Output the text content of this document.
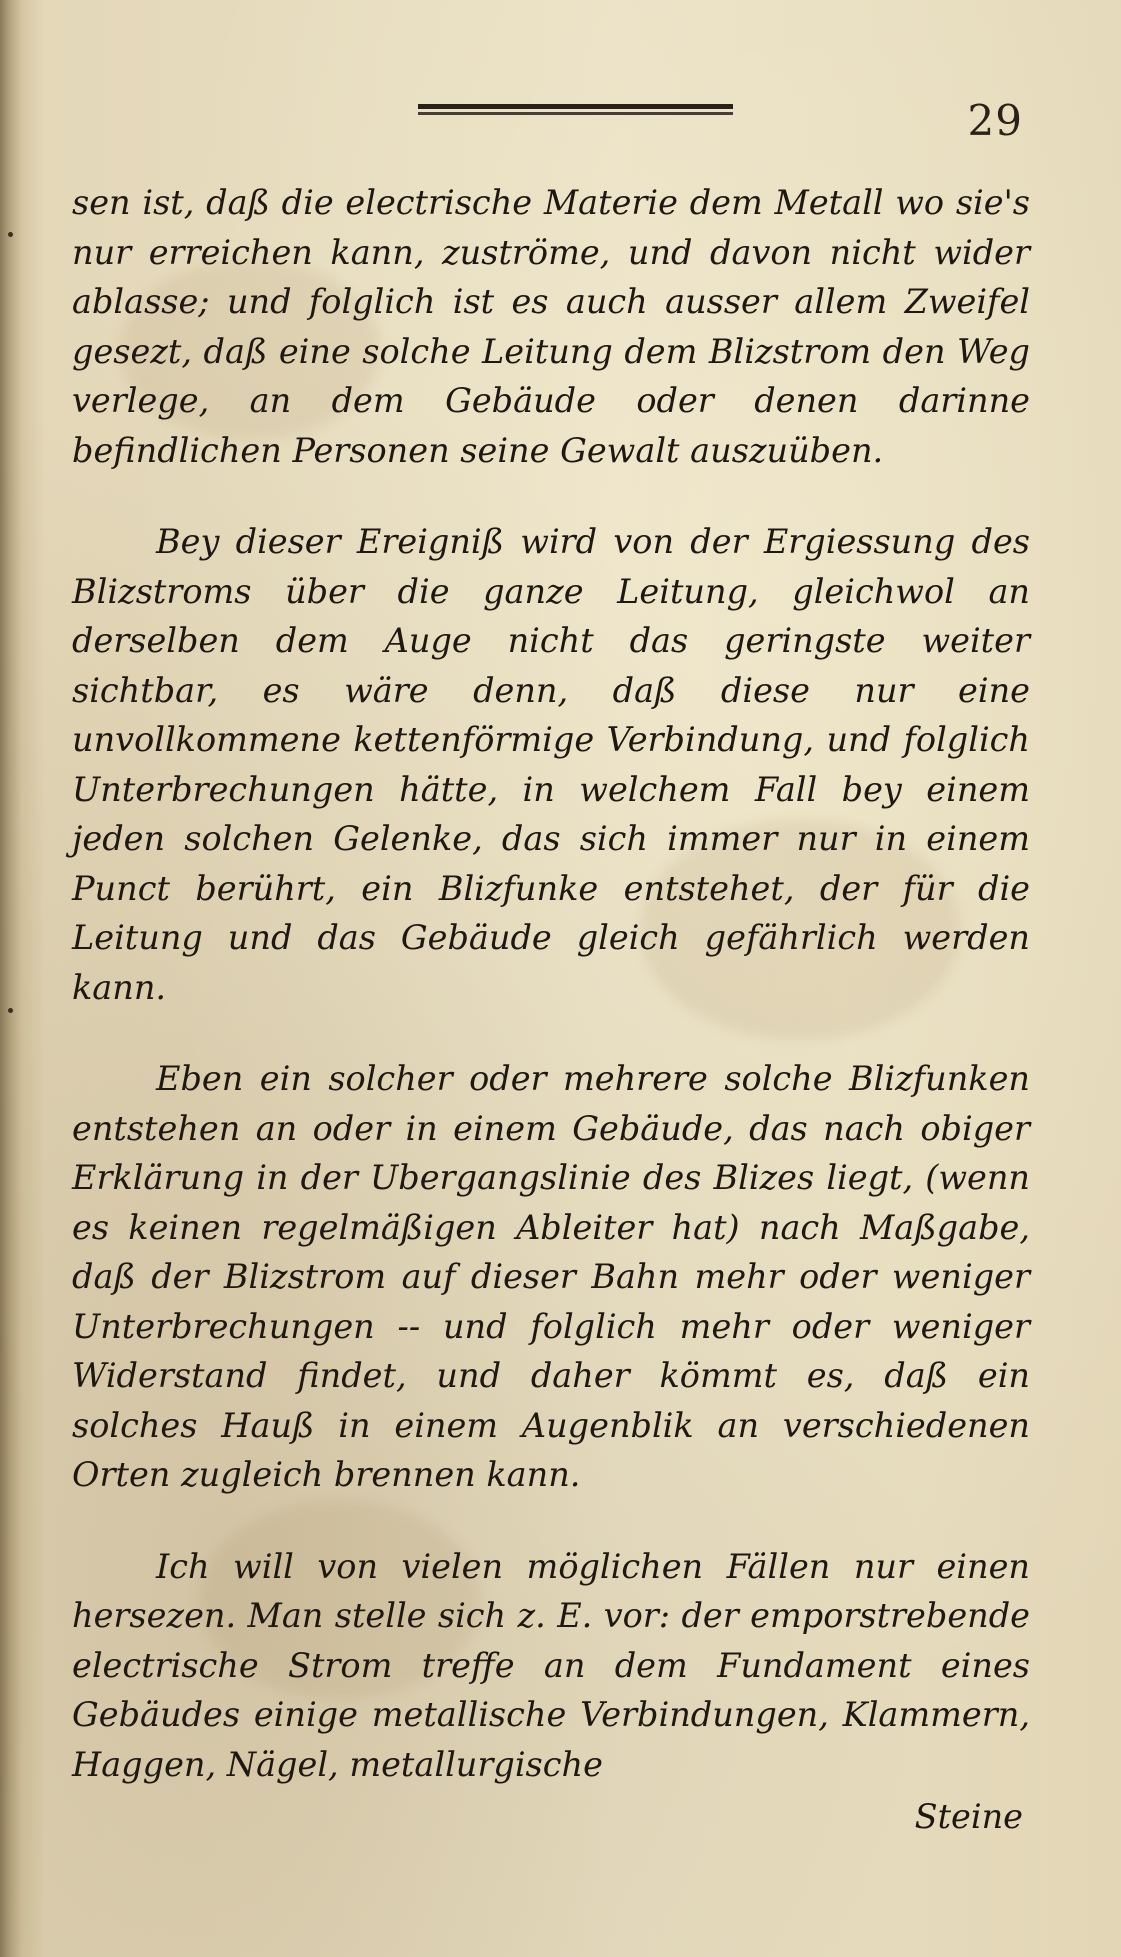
29

sen ist, daß die electrische Materie dem Metall wo sie's nur erreichen kann, zuströme, und davon nicht wider ablasse; und folglich ist es auch ausser allem Zweifel gesezt, daß eine solche Leitung dem Blizstrom den Weg verlege, an dem Gebäude oder denen darinne befindlichen Personen seine Gewalt auszuüben.

Bey dieser Ereigniß wird von der Ergiessung des Blizstroms über die ganze Leitung, gleichwol an derselben dem Auge nicht das geringste weiter sichtbar, es wäre denn, daß diese nur eine unvollkommene kettenförmige Verbindung, und folglich Unterbrechungen hätte, in welchem Fall bey einem jeden solchen Gelenke, das sich immer nur in einem Punct berührt, ein Blizfunke entstehet, der für die Leitung und das Gebäude gleich gefährlich werden kann.

Eben ein solcher oder mehrere solche Blizfunken entstehen an oder in einem Gebäude, das nach obiger Erklärung in der Ubergangslinie des Blizes liegt, (wenn es keinen regelmäßigen Ableiter hat) nach Maßgabe, daß der Blizstrom auf dieser Bahn mehr oder weniger Unterbrechungen -- und folglich mehr oder weniger Widerstand findet, und daher kömmt es, daß ein solches Hauß in einem Augenblik an verschiedenen Orten zugleich brennen kann.

Ich will von vielen möglichen Fällen nur einen hersezen. Man stelle sich z. E. vor: der emporstrebende electrische Strom treffe an dem Fundament eines Gebäudes einige metallische Verbindungen, Klammern, Haggen, Nägel, metallurgische

Steine
